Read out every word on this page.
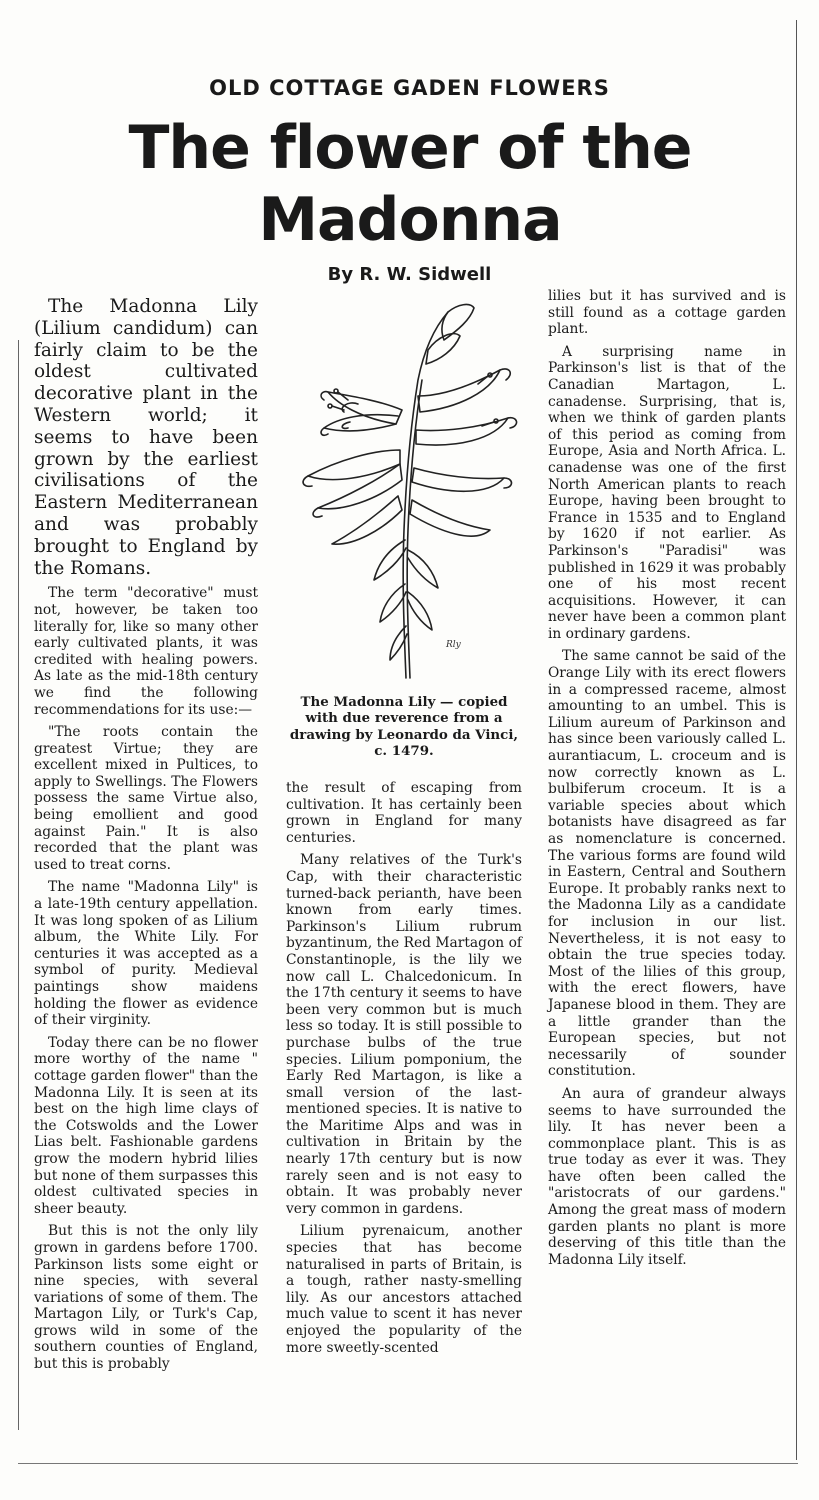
OLD COTTAGE GADEN FLOWERS
The flower of the Madonna
By R. W. Sidwell

The Madonna Lily (Lilium candidum) can fairly claim to be the oldest cultivated decorative plant in the Western world; it seems to have been grown by the earliest civilisations of the Eastern Mediterranean and was probably brought to England by the Romans.

The term "decorative" must not, however, be taken too literally for, like so many other early cultivated plants, it was credited with healing powers. As late as the mid-18th century we find the following recommendations for its use:—

"The roots contain the greatest Virtue; they are excellent mixed in Pultices, to apply to Swellings. The Flowers possess the same Virtue also, being emollient and good against Pain." It is also recorded that the plant was used to treat corns.

The name "Madonna Lily" is a late-19th century appellation. It was long spoken of as Lilium album, the White Lily. For centuries it was accepted as a symbol of purity. Medieval paintings show maidens holding the flower as evidence of their virginity.

Today there can be no flower more worthy of the name " cottage garden flower" than the Madonna Lily. It is seen at its best on the high lime clays of the Cotswolds and the Lower Lias belt. Fashionable gardens grow the modern hybrid lilies but none of them surpasses this oldest cultivated species in sheer beauty.

But this is not the only lily grown in gardens before 1700. Parkinson lists some eight or nine species, with several variations of some of them. The Martagon Lily, or Turk's Cap, grows wild in some of the southern counties of England, but this is probably

Rly
The Madonna Lily — copied with due reverence from a drawing by Leonardo da Vinci, c. 1479.

the result of escaping from cultivation. It has certainly been grown in England for many centuries.

Many relatives of the Turk's Cap, with their characteristic turned-back perianth, have been known from early times. Parkinson's Lilium rubrum byzantinum, the Red Martagon of Constantinople, is the lily we now call L. Chalcedonicum. In the 17th century it seems to have been very common but is much less so today. It is still possible to purchase bulbs of the true species. Lilium pomponium, the Early Red Martagon, is like a small version of the last-mentioned species. It is native to the Maritime Alps and was in cultivation in Britain by the nearly 17th century but is now rarely seen and is not easy to obtain. It was probably never very common in gardens.

Lilium pyrenaicum, another species that has become naturalised in parts of Britain, is a tough, rather nasty-smelling lily. As our ancestors attached much value to scent it has never enjoyed the popularity of the more sweetly-scented

lilies but it has survived and is still found as a cottage garden plant.

A surprising name in Parkinson's list is that of the Canadian Martagon, L. canadense. Surprising, that is, when we think of garden plants of this period as coming from Europe, Asia and North Africa. L. canadense was one of the first North American plants to reach Europe, having been brought to France in 1535 and to England by 1620 if not earlier. As Parkinson's "Paradisi" was published in 1629 it was probably one of his most recent acquisitions. However, it can never have been a common plant in ordinary gardens.

The same cannot be said of the Orange Lily with its erect flowers in a compressed raceme, almost amounting to an umbel. This is Lilium aureum of Parkinson and has since been variously called L. aurantiacum, L. croceum and is now correctly known as L. bulbiferum croceum. It is a variable species about which botanists have disagreed as far as nomenclature is concerned. The various forms are found wild in Eastern, Central and Southern Europe. It probably ranks next to the Madonna Lily as a candidate for inclusion in our list. Nevertheless, it is not easy to obtain the true species today. Most of the lilies of this group, with the erect flowers, have Japanese blood in them. They are a little grander than the European species, but not necessarily of sounder constitution.

An aura of grandeur always seems to have surrounded the lily. It has never been a commonplace plant. This is as true today as ever it was. They have often been called the "aristocrats of our gardens." Among the great mass of modern garden plants no plant is more deserving of this title than the Madonna Lily itself.
